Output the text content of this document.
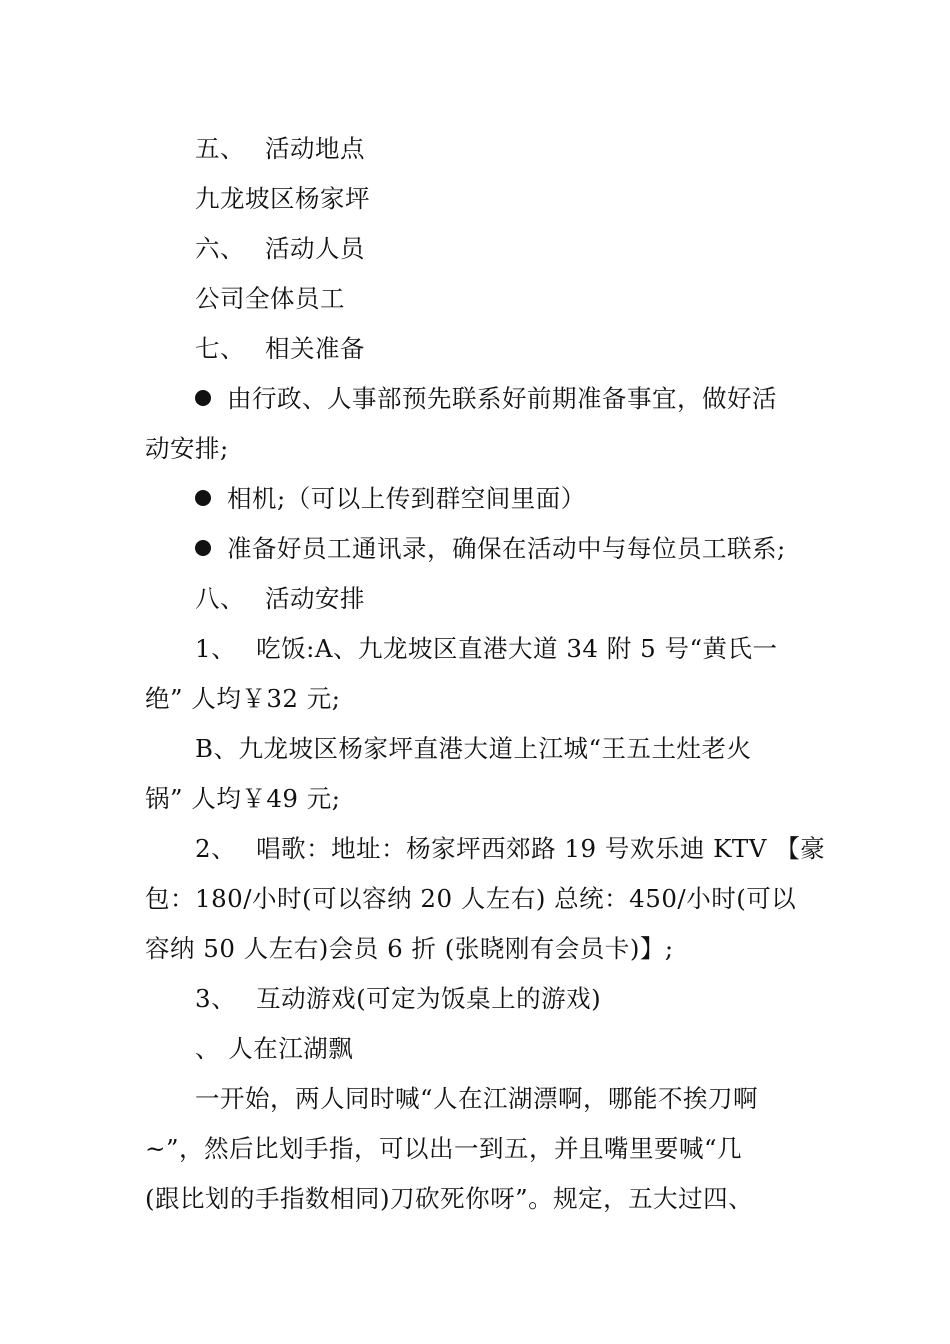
五、 活动地点
九龙坡区杨家坪
六、 活动人员
公司全体员工
七、 相关准备
由行政、人事部预先联系好前期准备事宜，做好活
动安排;
相机;（可以上传到群空间里面）
准备好员工通讯录，确保在活动中与每位员工联系;
八、 活动安排
1、 吃饭:A、九龙坡区直港大道 34 附 5 号“黄氏一
绝” 人均￥32 元;
B、九龙坡区杨家坪直港大道上江城“王五土灶老火
锅” 人均￥49 元;
2、 唱歌：地址：杨家坪西郊路 19 号欢乐迪 KTV 【豪
包：180/小时(可以容纳 20 人左右) 总统：450/小时(可以
容纳 50 人左右)会员 6 折 (张晓刚有会员卡)】;
3、 互动游戏(可定为饭桌上的游戏)
、 人在江湖飘
一开始，两人同时喊“人在江湖漂啊，哪能不挨刀啊
~”，然后比划手指，可以出一到五，并且嘴里要喊“几
(跟比划的手指数相同)刀砍死你呀”。规定，五大过四、
